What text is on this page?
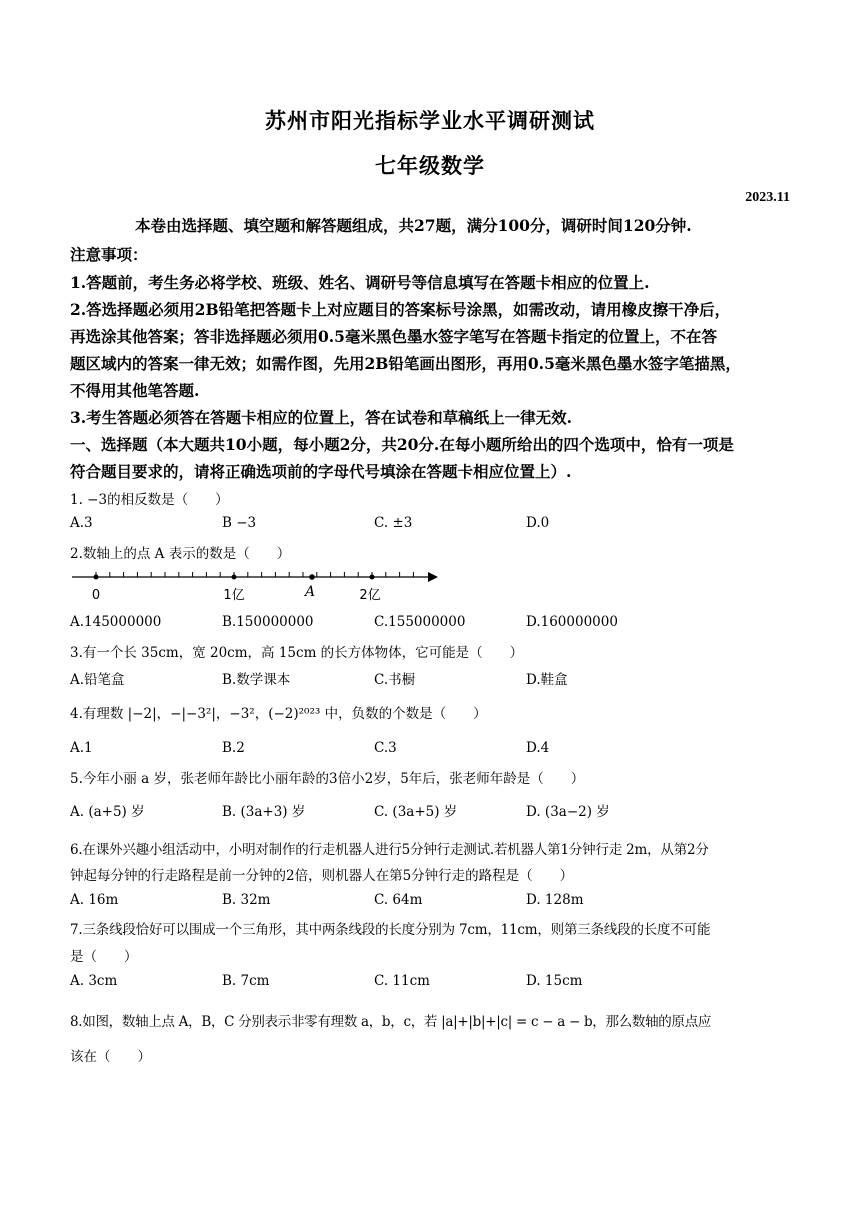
苏州市阳光指标学业水平调研测试
七年级数学
2023.11
本卷由选择题、填空题和解答题组成，共27题，满分100分，调研时间120分钟.
注意事项：
1.答题前，考生务必将学校、班级、姓名、调研号等信息填写在答题卡相应的位置上.
2.答选择题必须用2B铅笔把答题卡上对应题目的答案标号涂黑，如需改动，请用橡皮擦干净后，
再选涂其他答案；答非选择题必须用0.5毫米黑色墨水签字笔写在答题卡指定的位置上，不在答
题区域内的答案一律无效；如需作图，先用2B铅笔画出图形，再用0.5毫米黑色墨水签字笔描黑，
不得用其他笔答题.
3.考生答题必须答在答题卡相应的位置上，答在试卷和草稿纸上一律无效.
一、选择题（本大题共10小题，每小题2分，共20分.在每小题所给出的四个选项中，恰有一项是
符合题目要求的，请将正确选项前的字母代号填涂在答题卡相应位置上）.
1. −3的相反数是（　　）
A.3	B −3	C. ±3	D.0
2.数轴上的点 A 表示的数是（　　）
0	1亿	A	2亿
A.145000000	B.150000000	C.155000000	D.160000000
3.有一个长 35cm，宽 20cm，高 15cm 的长方体物体，它可能是（　　）
A.铅笔盒	B.数学课本	C.书橱	D.鞋盒
4.有理数 |−2|，−|−3²|，−3²，(−2)²⁰²³ 中，负数的个数是（　　）
A.1	B.2	C.3	D.4
5.今年小丽 a 岁，张老师年龄比小丽年龄的3倍小2岁，5年后，张老师年龄是（　　）
A. (a+5) 岁	B. (3a+3) 岁	C. (3a+5) 岁	D. (3a−2) 岁
6.在课外兴趣小组活动中，小明对制作的行走机器人进行5分钟行走测试.若机器人第1分钟行走 2m，从第2分
钟起每分钟的行走路程是前一分钟的2倍，则机器人在第5分钟行走的路程是（　　）
A. 16m	B. 32m	C. 64m	D. 128m
7.三条线段恰好可以围成一个三角形，其中两条线段的长度分别为 7cm，11cm，则第三条线段的长度不可能
是（　　）
A. 3cm	B. 7cm	C. 11cm	D. 15cm
8.如图，数轴上点 A，B，C 分别表示非零有理数 a，b，c，若 |a|+|b|+|c| = c − a − b，那么数轴的原点应
该在（　　）
